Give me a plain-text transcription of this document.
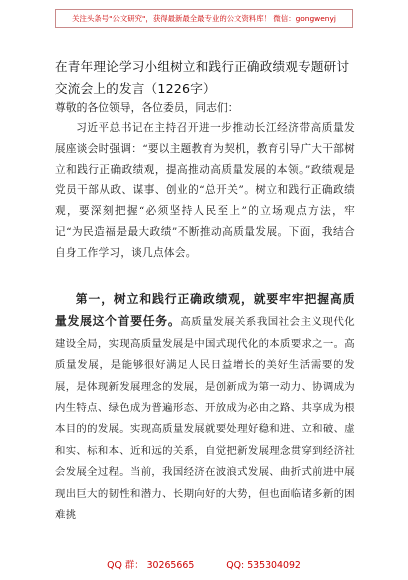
关注头条号"公文研究"，获得最新最全最专业的公文资料库！ 微信：gongwenyj
在青年理论学习小组树立和践行正确政绩观专题研讨交流会上的发言（1226字）
尊敬的各位领导，各位委员，同志们：
习近平总书记在主持召开进一步推动长江经济带高质量发展座谈会时强调：“要以主题教育为契机，教育引导广大干部树立和践行正确政绩观，提高推动高质量发展的本领。”政绩观是党员干部从政、谋事、创业的“总开关”。树立和践行正确政绩观，要深刻把握“必须坚持人民至上”的立场观点方法，牢记“为民造福是最大政绩”不断推动高质量发展。下面，我结合自身工作学习，谈几点体会。
第一，树立和践行正确政绩观，就要牢牢把握高质量发展这个首要任务。高质量发展关系我国社会主义现代化建设全局，实现高质量发展是中国式现代化的本质要求之一。高质量发展，是能够很好满足人民日益增长的美好生活需要的发展，是体现新发展理念的发展，是创新成为第一动力、协调成为内生特点、绿色成为普遍形态、开放成为必由之路、共享成为根本目的的发展。实现高质量发展就要处理好稳和进、立和破、虚和实、标和本、近和远的关系，自觉把新发展理念贯穿到经济社会发展全过程。当前，我国经济在波浪式发展、曲折式前进中展现出巨大的韧性和潜力、长期向好的大势，但也面临诸多新的困难挑
QQ 群： 30265665	QQ: 535304092
